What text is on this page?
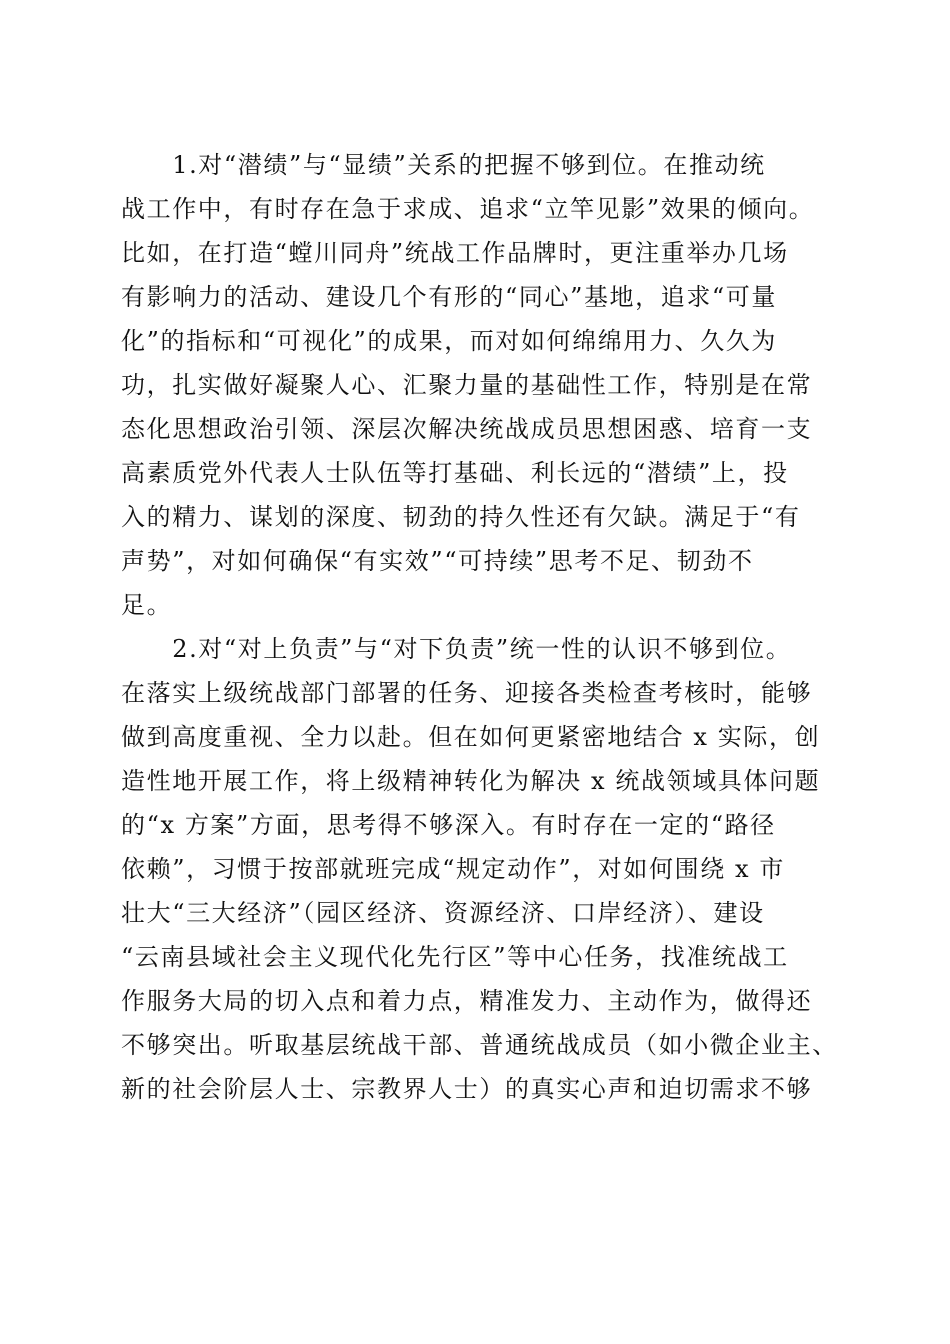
　　1.对“潜绩”与“显绩”关系的把握不够到位。在推动统
战工作中，有时存在急于求成、追求“立竿见影”效果的倾向。
比如，在打造“螳川同舟”统战工作品牌时，更注重举办几场
有影响力的活动、建设几个有形的“同心”基地，追求“可量
化”的指标和“可视化”的成果，而对如何绵绵用力、久久为
功，扎实做好凝聚人心、汇聚力量的基础性工作，特别是在常
态化思想政治引领、深层次解决统战成员思想困惑、培育一支
高素质党外代表人士队伍等打基础、利长远的“潜绩”上，投
入的精力、谋划的深度、韧劲的持久性还有欠缺。满足于“有
声势”，对如何确保“有实效”“可持续”思考不足、韧劲不
足。
　　2.对“对上负责”与“对下负责”统一性的认识不够到位。
在落实上级统战部门部署的任务、迎接各类检查考核时，能够
做到高度重视、全力以赴。但在如何更紧密地结合 x 实际，创
造性地开展工作，将上级精神转化为解决 x 统战领域具体问题
的“x 方案”方面，思考得不够深入。有时存在一定的“路径
依赖”，习惯于按部就班完成“规定动作”，对如何围绕 x 市
壮大“三大经济”（园区经济、资源经济、口岸经济）、建设
“云南县域社会主义现代化先行区”等中心任务，找准统战工
作服务大局的切入点和着力点，精准发力、主动作为，做得还
不够突出。听取基层统战干部、普通统战成员（如小微企业主、
新的社会阶层人士、宗教界人士）的真实心声和迫切需求不够
